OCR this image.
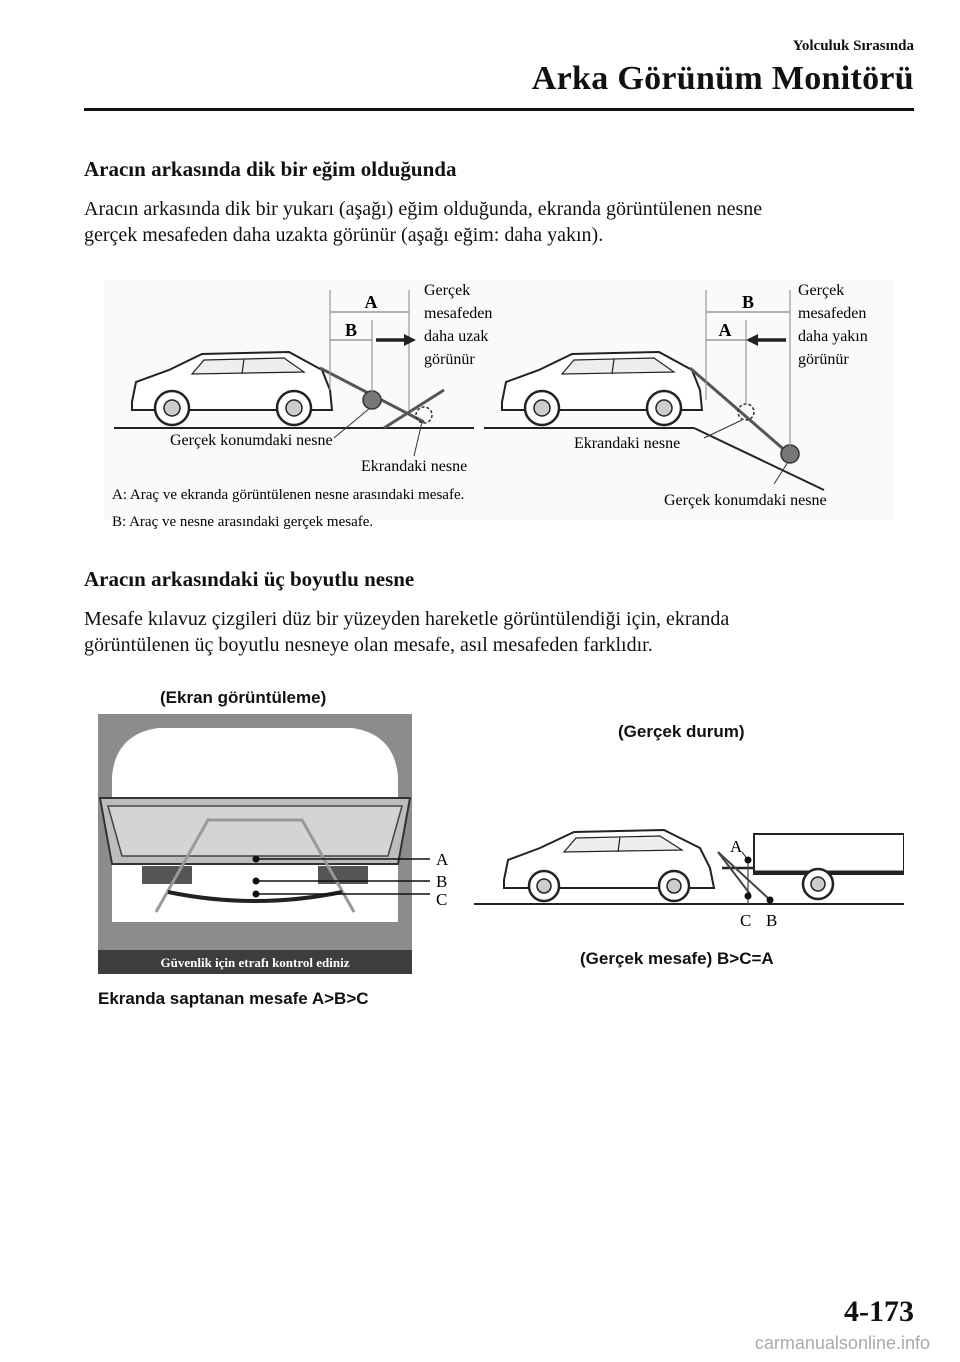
Yolculuk Sırasında
Arka Görünüm Monitörü
Aracın arkasında dik bir eğim olduğunda
Aracın arkasında dik bir yukarı (aşağı) eğim olduğunda, ekranda görüntülenen nesne
gerçek mesafeden daha uzakta görünür (aşağı eğim: daha yakın).
A
B
B
A
Gerçek
mesafeden
daha uzak
görünür
Gerçek konumdaki nesne
Ekrandaki nesne
Gerçek
mesafeden
daha yakın
görünür
Ekrandaki nesne
Gerçek konumdaki nesne
A: Araç ve ekranda görüntülenen nesne arasındaki mesafe.
B: Araç ve nesne arasındaki gerçek mesafe.
Aracın arkasındaki üç boyutlu nesne
Mesafe kılavuz çizgileri düz bir yüzeyden hareketle görüntülendiği için, ekranda
görüntülenen üç boyutlu nesneye olan mesafe, asıl mesafeden farklıdır.
(Ekran görüntüleme)
A
B
C
Güvenlik için etrafı kontrol ediniz
Ekranda saptanan mesafe A>B>C
(Gerçek durum)
A
C B
(Gerçek mesafe) B>C=A
4-173
carmanualsonline.info
